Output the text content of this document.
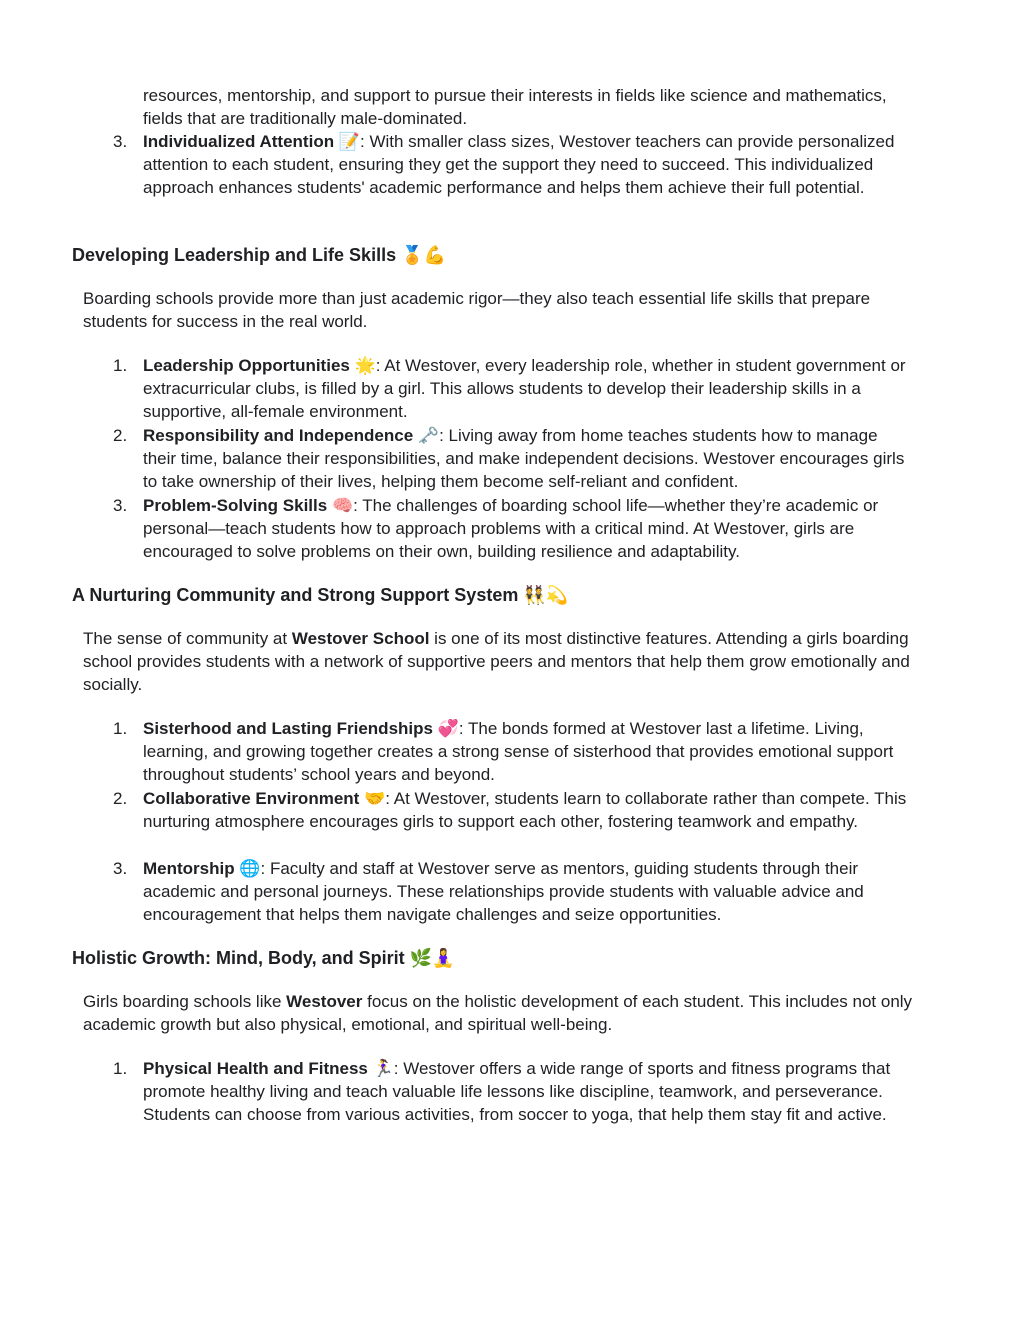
resources, mentorship, and support to pursue their interests in fields like science and mathematics, fields that are traditionally male-dominated.
3. Individualized Attention 📝: With smaller class sizes, Westover teachers can provide personalized attention to each student, ensuring they get the support they need to succeed. This individualized approach enhances students' academic performance and helps them achieve their full potential.
Developing Leadership and Life Skills 🏅💪
Boarding schools provide more than just academic rigor—they also teach essential life skills that prepare students for success in the real world.
1. Leadership Opportunities 🌟: At Westover, every leadership role, whether in student government or extracurricular clubs, is filled by a girl. This allows students to develop their leadership skills in a supportive, all-female environment.
2. Responsibility and Independence 🗝️: Living away from home teaches students how to manage their time, balance their responsibilities, and make independent decisions. Westover encourages girls to take ownership of their lives, helping them become self-reliant and confident.
3. Problem-Solving Skills 🧠: The challenges of boarding school life—whether they’re academic or personal—teach students how to approach problems with a critical mind. At Westover, girls are encouraged to solve problems on their own, building resilience and adaptability.
A Nurturing Community and Strong Support System 👯💫
The sense of community at Westover School is one of its most distinctive features. Attending a girls boarding school provides students with a network of supportive peers and mentors that help them grow emotionally and socially.
1. Sisterhood and Lasting Friendships 💞: The bonds formed at Westover last a lifetime. Living, learning, and growing together creates a strong sense of sisterhood that provides emotional support throughout students’ school years and beyond.
2. Collaborative Environment 🤝: At Westover, students learn to collaborate rather than compete. This nurturing atmosphere encourages girls to support each other, fostering teamwork and empathy.
3. Mentorship 🌐: Faculty and staff at Westover serve as mentors, guiding students through their academic and personal journeys. These relationships provide students with valuable advice and encouragement that helps them navigate challenges and seize opportunities.
Holistic Growth: Mind, Body, and Spirit 🌿🧘‍♀️
Girls boarding schools like Westover focus on the holistic development of each student. This includes not only academic growth but also physical, emotional, and spiritual well-being.
1. Physical Health and Fitness 🏃‍♀️: Westover offers a wide range of sports and fitness programs that promote healthy living and teach valuable life lessons like discipline, teamwork, and perseverance. Students can choose from various activities, from soccer to yoga, that help them stay fit and active.
